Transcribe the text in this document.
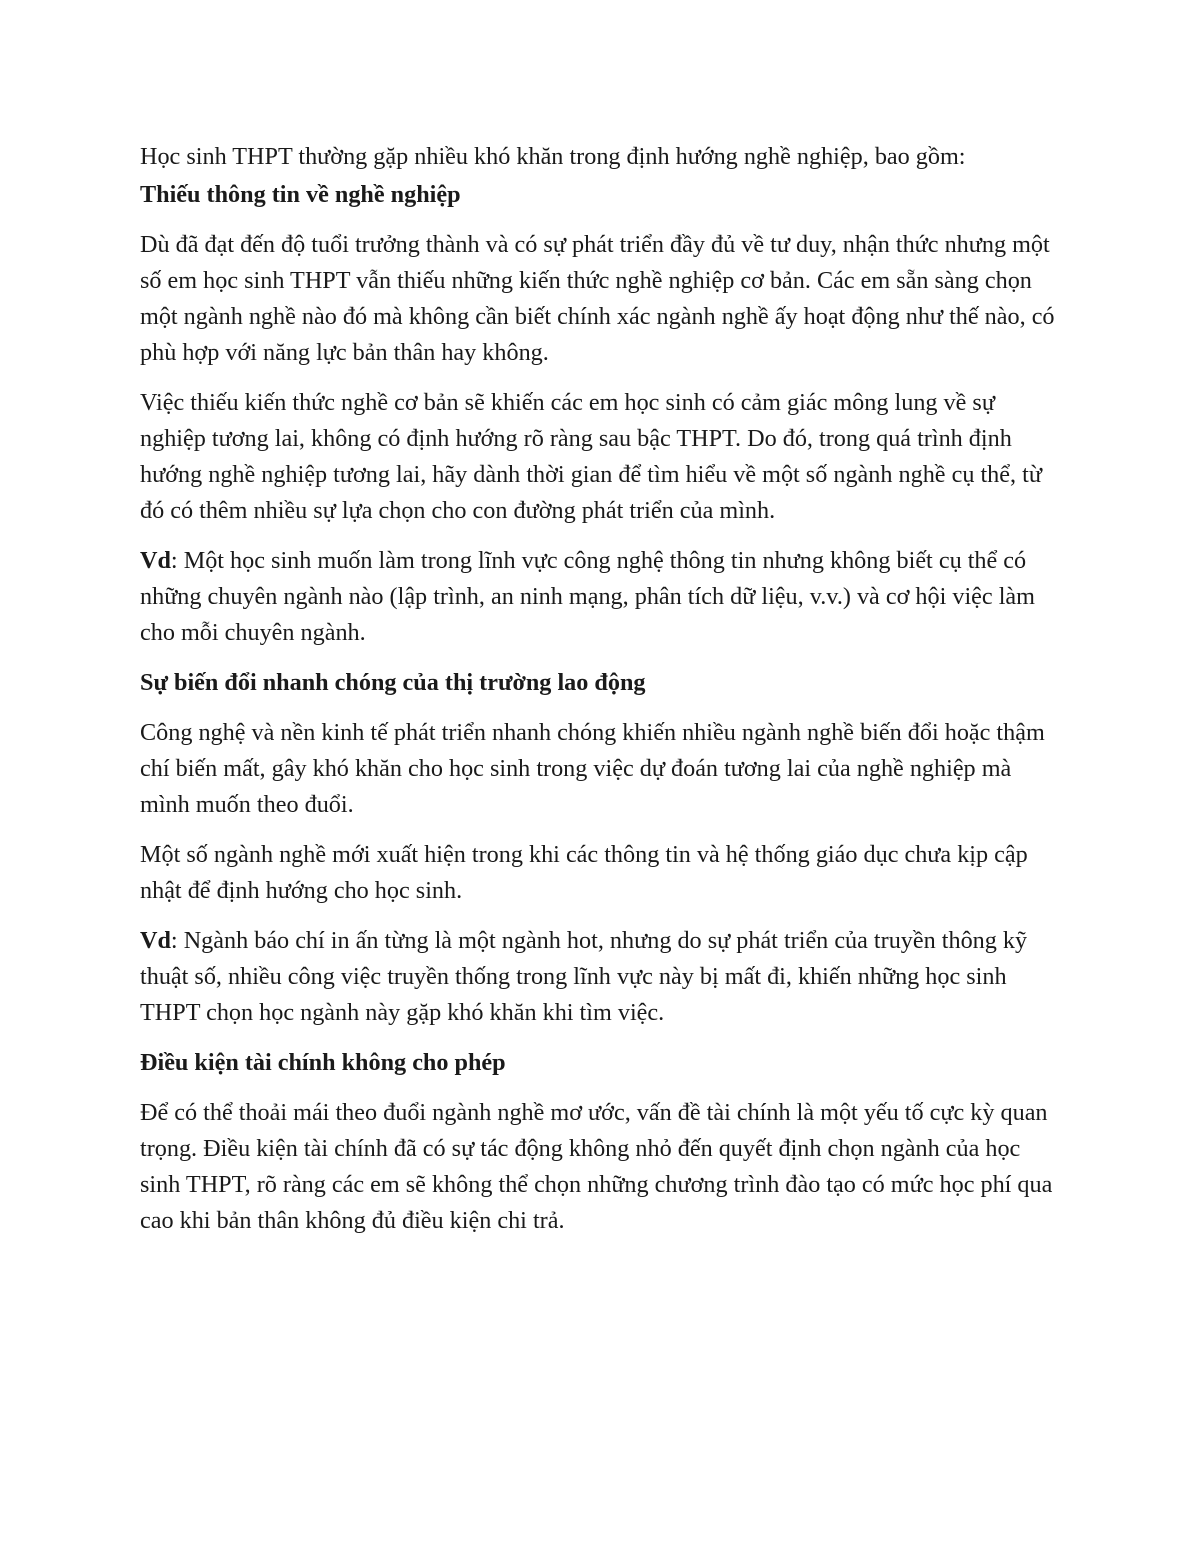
Học sinh THPT thường gặp nhiều khó khăn trong định hướng nghề nghiệp, bao gồm:

Thiếu thông tin về nghề nghiệp

Dù đã đạt đến độ tuổi trưởng thành và có sự phát triển đầy đủ về tư duy, nhận thức nhưng một số em học sinh THPT vẫn thiếu những kiến thức nghề nghiệp cơ bản. Các em sẵn sàng chọn một ngành nghề nào đó mà không cần biết chính xác ngành nghề ấy hoạt động như thế nào, có phù hợp với năng lực bản thân hay không.

Việc thiếu kiến thức nghề cơ bản sẽ khiến các em học sinh có cảm giác mông lung về sự nghiệp tương lai, không có định hướng rõ ràng sau bậc THPT. Do đó, trong quá trình định hướng nghề nghiệp tương lai, hãy dành thời gian để tìm hiểu về một số ngành nghề cụ thể, từ đó có thêm nhiều sự lựa chọn cho con đường phát triển của mình.

Vd: Một học sinh muốn làm trong lĩnh vực công nghệ thông tin nhưng không biết cụ thể có những chuyên ngành nào (lập trình, an ninh mạng, phân tích dữ liệu, v.v.) và cơ hội việc làm cho mỗi chuyên ngành.

Sự biến đổi nhanh chóng của thị trường lao động

Công nghệ và nền kinh tế phát triển nhanh chóng khiến nhiều ngành nghề biến đổi hoặc thậm chí biến mất, gây khó khăn cho học sinh trong việc dự đoán tương lai của nghề nghiệp mà mình muốn theo đuổi.

Một số ngành nghề mới xuất hiện trong khi các thông tin và hệ thống giáo dục chưa kịp cập nhật để định hướng cho học sinh.

Vd: Ngành báo chí in ấn từng là một ngành hot, nhưng do sự phát triển của truyền thông kỹ thuật số, nhiều công việc truyền thống trong lĩnh vực này bị mất đi, khiến những học sinh THPT chọn học ngành này gặp khó khăn khi tìm việc.

Điều kiện tài chính không cho phép

Để có thể thoải mái theo đuổi ngành nghề mơ ước, vấn đề tài chính là một yếu tố cực kỳ quan trọng. Điều kiện tài chính đã có sự tác động không nhỏ đến quyết định chọn ngành của học sinh THPT, rõ ràng các em sẽ không thể chọn những chương trình đào tạo có mức học phí qua cao khi bản thân không đủ điều kiện chi trả.
